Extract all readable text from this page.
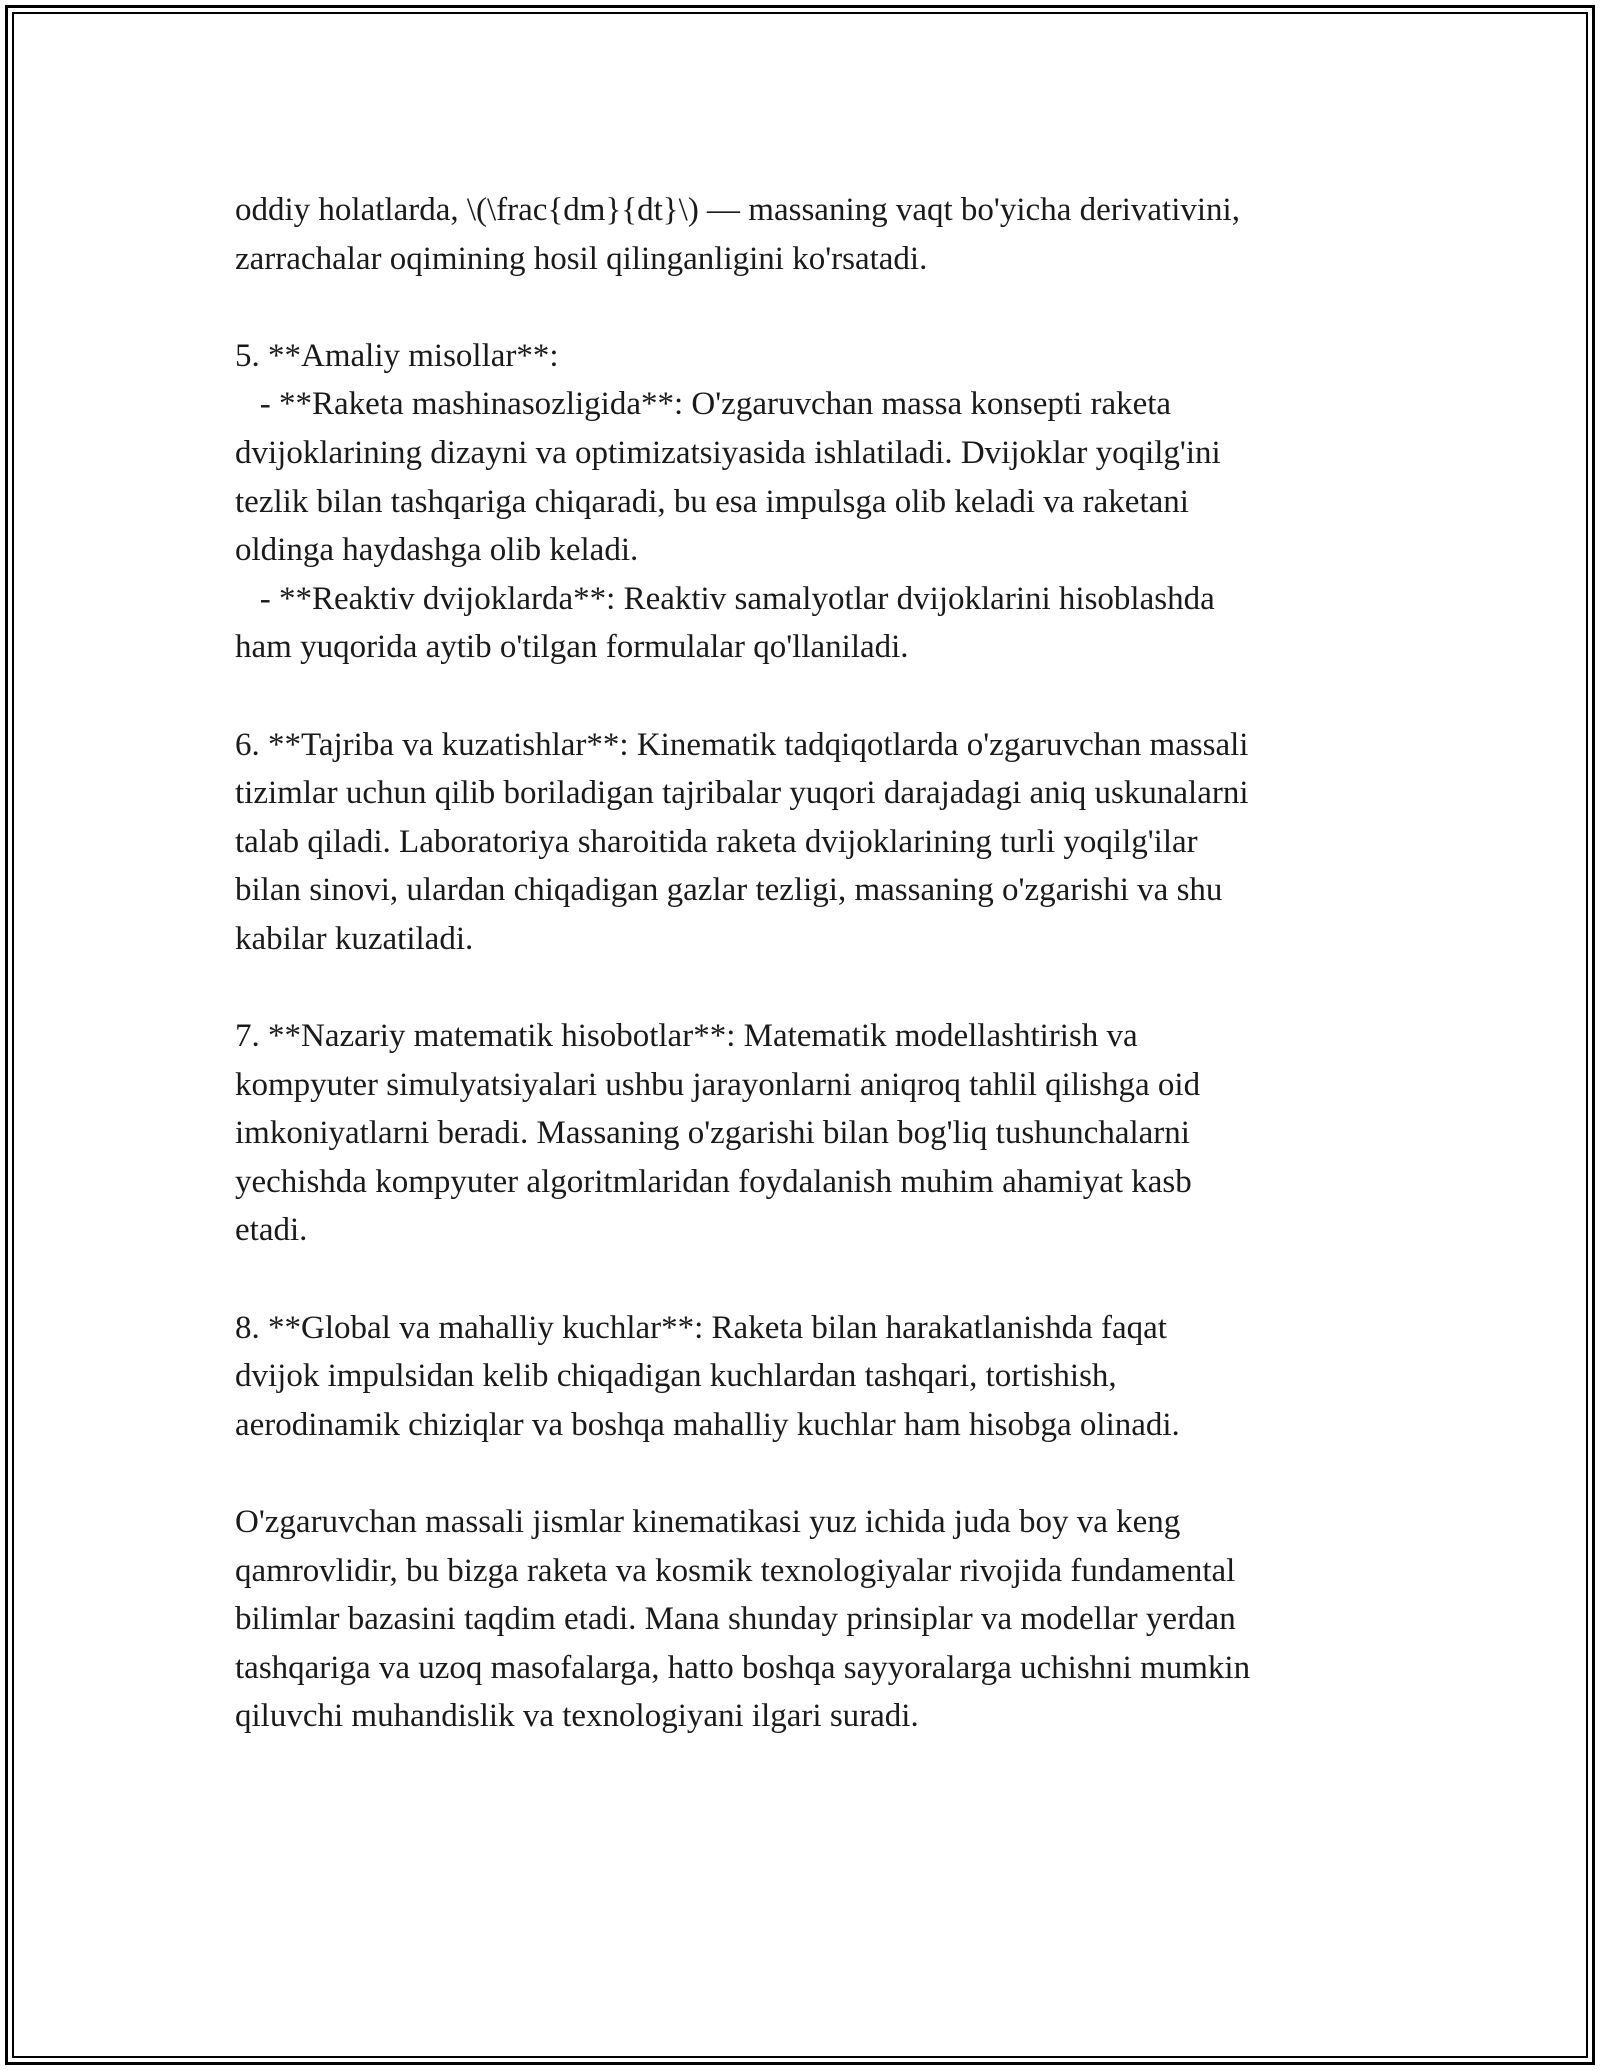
oddiy holatlarda, \(\frac{dm}{dt}\) — massaning vaqt bo'yicha derivativini,

zarrachalar oqimining hosil qilinganligini ko'rsatadi.

5. **Amaliy misollar**:

- **Raketa mashinasozligida**: O'zgaruvchan massa konsepti raketa

dvijoklarining dizayni va optimizatsiyasida ishlatiladi. Dvijoklar yoqilg'ini

tezlik bilan tashqariga chiqaradi, bu esa impulsga olib keladi va raketani

oldinga haydashga olib keladi.

- **Reaktiv dvijoklarda**: Reaktiv samalyotlar dvijoklarini hisoblashda

ham yuqorida aytib o'tilgan formulalar qo'llaniladi.

6. **Tajriba va kuzatishlar**: Kinematik tadqiqotlarda o'zgaruvchan massali

tizimlar uchun qilib boriladigan tajribalar yuqori darajadagi aniq uskunalarni

talab qiladi. Laboratoriya sharoitida raketa dvijoklarining turli yoqilg'ilar

bilan sinovi, ulardan chiqadigan gazlar tezligi, massaning o'zgarishi va shu

kabilar kuzatiladi.

7. **Nazariy matematik hisobotlar**: Matematik modellashtirish va

kompyuter simulyatsiyalari ushbu jarayonlarni aniqroq tahlil qilishga oid

imkoniyatlarni beradi. Massaning o'zgarishi bilan bog'liq tushunchalarni

yechishda kompyuter algoritmlaridan foydalanish muhim ahamiyat kasb

etadi.

8. **Global va mahalliy kuchlar**: Raketa bilan harakatlanishda faqat

dvijok impulsidan kelib chiqadigan kuchlardan tashqari, tortishish,

aerodinamik chiziqlar va boshqa mahalliy kuchlar ham hisobga olinadi.

O'zgaruvchan massali jismlar kinematikasi yuz ichida juda boy va keng

qamrovlidir, bu bizga raketa va kosmik texnologiyalar rivojida fundamental

bilimlar bazasini taqdim etadi. Mana shunday prinsiplar va modellar yerdan

tashqariga va uzoq masofalarga, hatto boshqa sayyoralarga uchishni mumkin

qiluvchi muhandislik va texnologiyani ilgari suradi.
